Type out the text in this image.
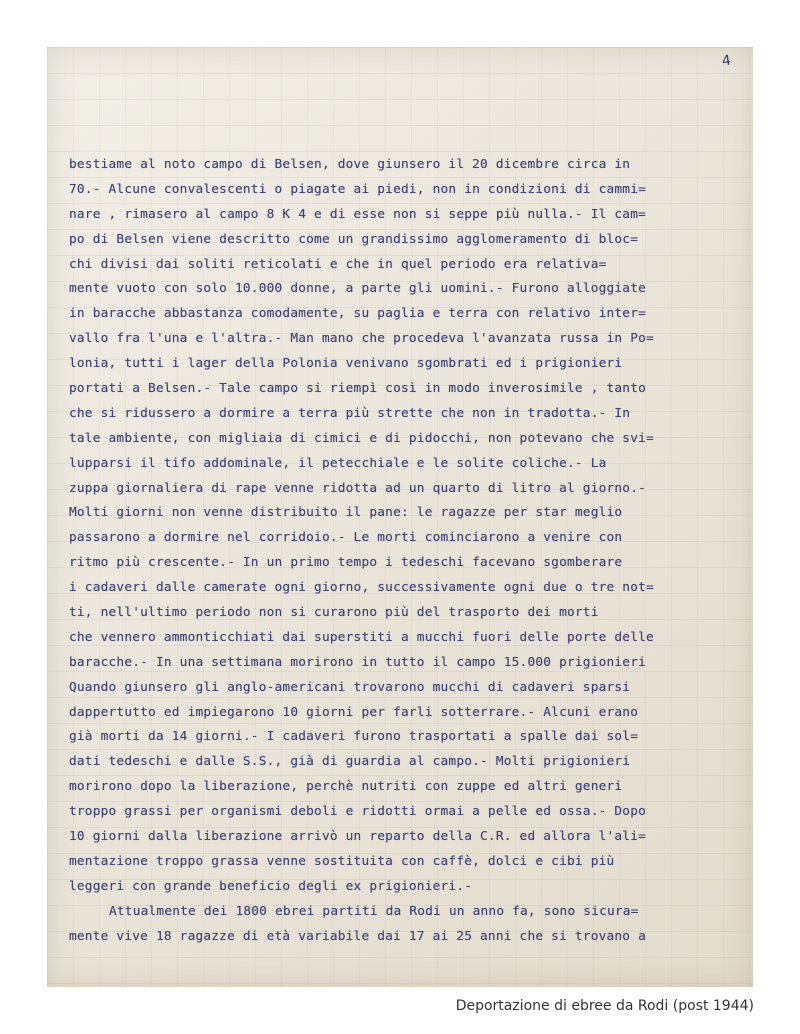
4
bestiame al noto campo di Belsen, dove giunsero il 20 dicembre circa in
70.- Alcune convalescenti o piagate ai piedi, non in condizioni di cammi=
nare , rimasero al campo 8 K 4 e di esse non si seppe più nulla.- Il cam=
po di Belsen viene descritto come un grandissimo agglomeramento di bloc=
chi divisi dai soliti reticolati e che in quel periodo era relativa=
mente vuoto con solo 10.000 donne, a parte gli uomini.- Furono alloggiate
in baracche abbastanza comodamente, su paglia e terra con relativo inter=
vallo fra l'una e l'altra.- Man mano che procedeva l'avanzata russa in Po=
lonia, tutti i lager della Polonia venivano sgombrati ed i prigionieri
portati a Belsen.- Tale campo si riempì così in modo inverosimile , tanto
che si ridussero a dormire a terra più strette che non in tradotta.- In
tale ambiente, con migliaia di cimici e di pidocchi, non potevano che svi=
lupparsi il tifo addominale, il petecchiale e le solite coliche.- La
zuppa giornaliera di rape venne ridotta ad un quarto di litro al giorno.-
Molti giorni non venne distribuito il pane: le ragazze per star meglio
passarono a dormire nel corridoio.- Le morti cominciarono a venire con
ritmo più crescente.- In un primo tempo i tedeschi facevano sgomberare
i cadaveri dalle camerate ogni giorno, successivamente ogni due o tre not=
ti, nell'ultimo periodo non si curarono più del trasporto dei morti
che vennero ammonticchiati dai superstiti a mucchi fuori delle porte delle
baracche.- In una settimana morirono in tutto il campo 15.000 prigionieri
Quando giunsero gli anglo-americani trovarono mucchi di cadaveri sparsi
dappertutto ed impiegarono 10 giorni per farli sotterrare.- Alcuni erano
già morti da 14 giorni.- I cadaveri furono trasportati a spalle dai sol=
dati tedeschi e dalle S.S., già di guardia al campo.- Molti prigionieri
morirono dopo la liberazione, perchè nutriti con zuppe ed altri generi
troppo grassi per organismi deboli e ridotti ormai a pelle ed ossa.- Dopo
10 giorni dalla liberazione arrivò un reparto della C.R. ed allora l'ali=
mentazione troppo grassa venne sostituita con caffè, dolci e cibi più
leggeri con grande beneficio degli ex prigionieri.-
Attualmente dei 1800 ebrei partiti da Rodi un anno fa, sono sicura=
mente vive 18 ragazze di età variabile dai 17 ai 25 anni che si trovano a
Deportazione di ebree da Rodi (post 1944)
